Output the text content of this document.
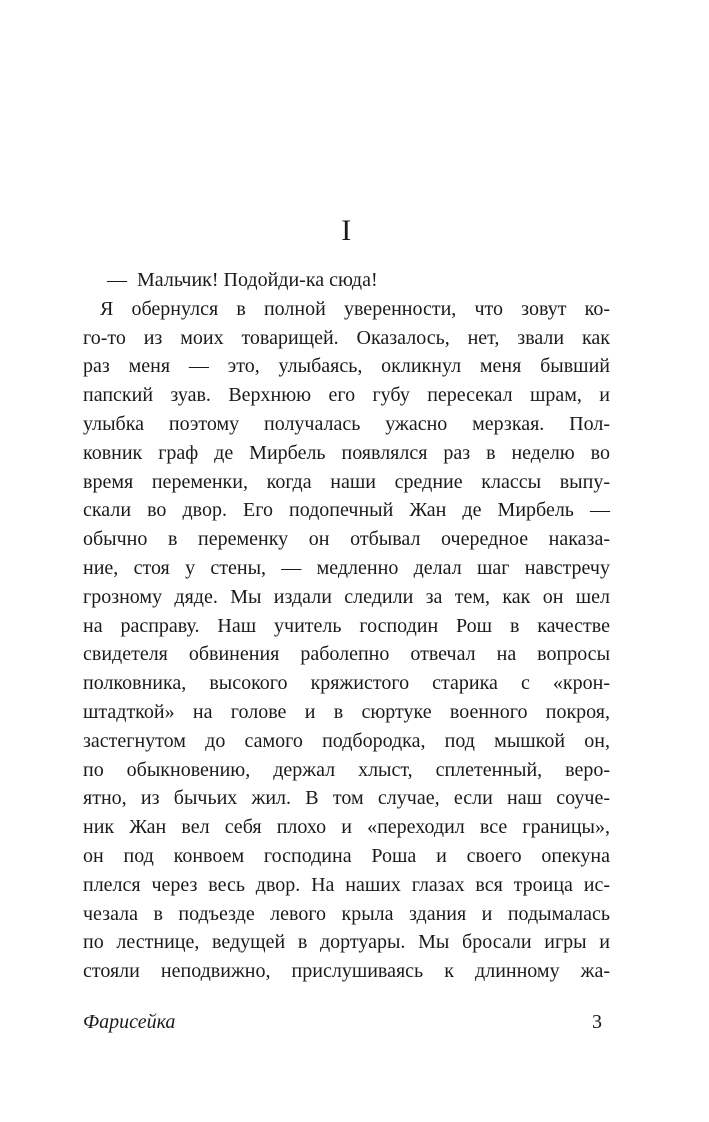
I
—  Мальчик! Подойди-ка сюда!
Я обернулся в полной уверенности, что зовут ко-
го-то из моих товарищей. Оказалось, нет, звали как
раз меня — это, улыбаясь, окликнул меня бывший
папский зуав. Верхнюю его губу пересекал шрам, и
улыбка поэтому получалась ужасно мерзкая. Пол-
ковник граф де Мирбель появлялся раз в неделю во
время переменки, когда наши средние классы выпу-
скали во двор. Его подопечный Жан де Мирбель —
обычно в переменку он отбывал очередное наказа-
ние, стоя у стены, — медленно делал шаг навстречу
грозному дяде. Мы издали следили за тем, как он шел
на расправу. Наш учитель господин Рош в качестве
свидетеля обвинения раболепно отвечал на вопросы
полковника, высокого кряжистого старика с «крон-
штадткой» на голове и в сюртуке военного покроя,
застегнутом до самого подбородка, под мышкой он,
по обыкновению, держал хлыст, сплетенный, веро-
ятно, из бычьих жил. В том случае, если наш соуче-
ник Жан вел себя плохо и «переходил все границы»,
он под конвоем господина Роша и своего опекуна
плелся через весь двор. На наших глазах вся троица ис-
чезала в подъезде левого крыла здания и подымалась
по лестнице, ведущей в дортуары. Мы бросали игры и
стояли неподвижно, прислушиваясь к длинному жа-
Фарисейка	3
